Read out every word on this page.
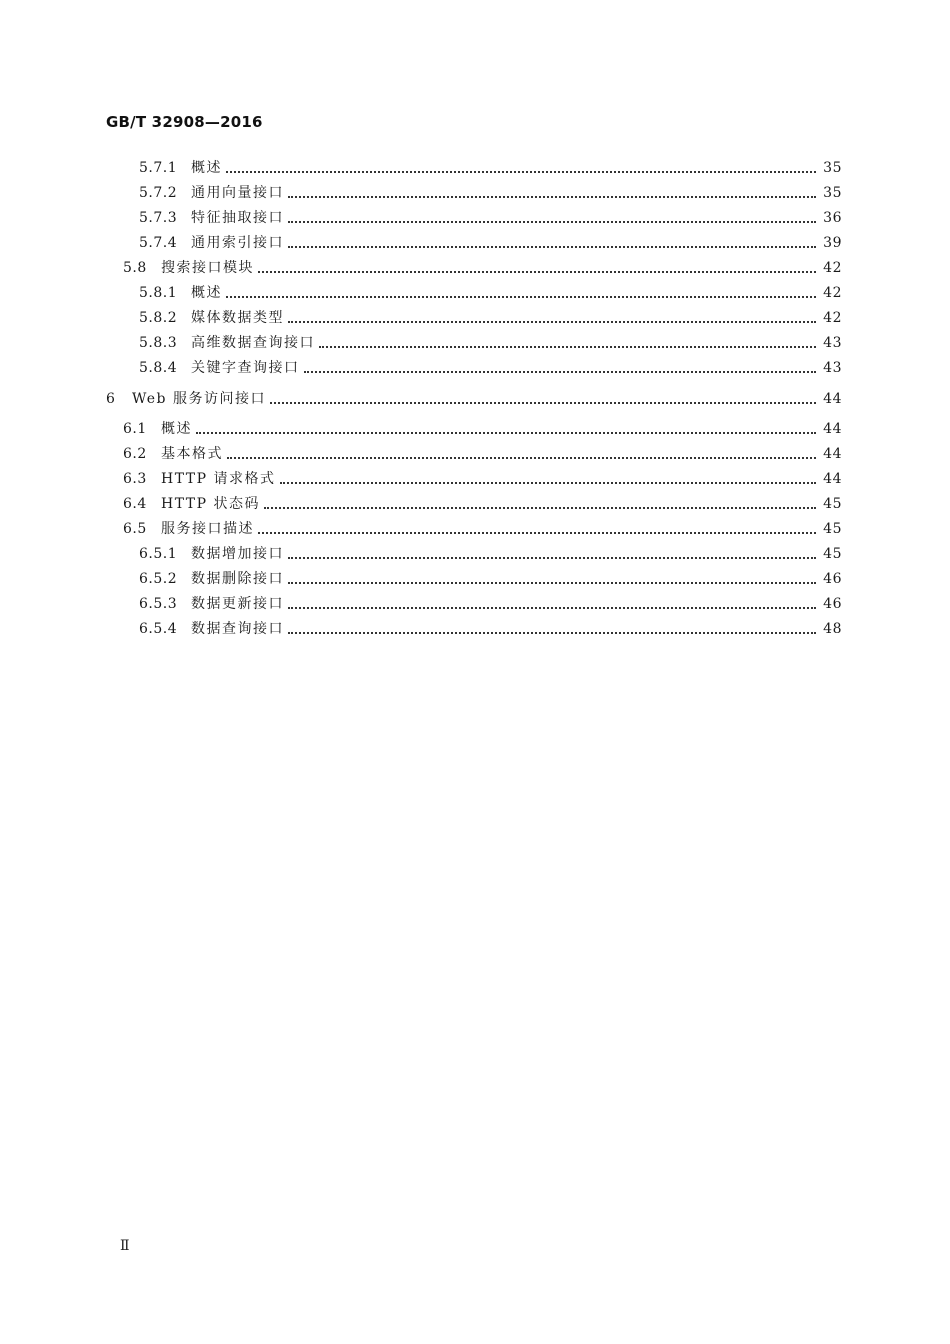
GB/T 32908—2016
5.7.1 概述	35
5.7.2 通用向量接口	35
5.7.3 特征抽取接口	36
5.7.4 通用索引接口	39
5.8	搜索接口模块	42
5.8.1 概述	42
5.8.2 媒体数据类型	42
5.8.3 高维数据查询接口	43
5.8.4 关键字查询接口	43
6	Web 服务访问接口	44
6.1	概述	44
6.2	基本格式	44
6.3	HTTP 请求格式	44
6.4	HTTP 状态码	45
6.5	服务接口描述	45
6.5.1 数据增加接口	45
6.5.2 数据删除接口	46
6.5.3 数据更新接口	46
6.5.4 数据查询接口	48
Ⅱ
